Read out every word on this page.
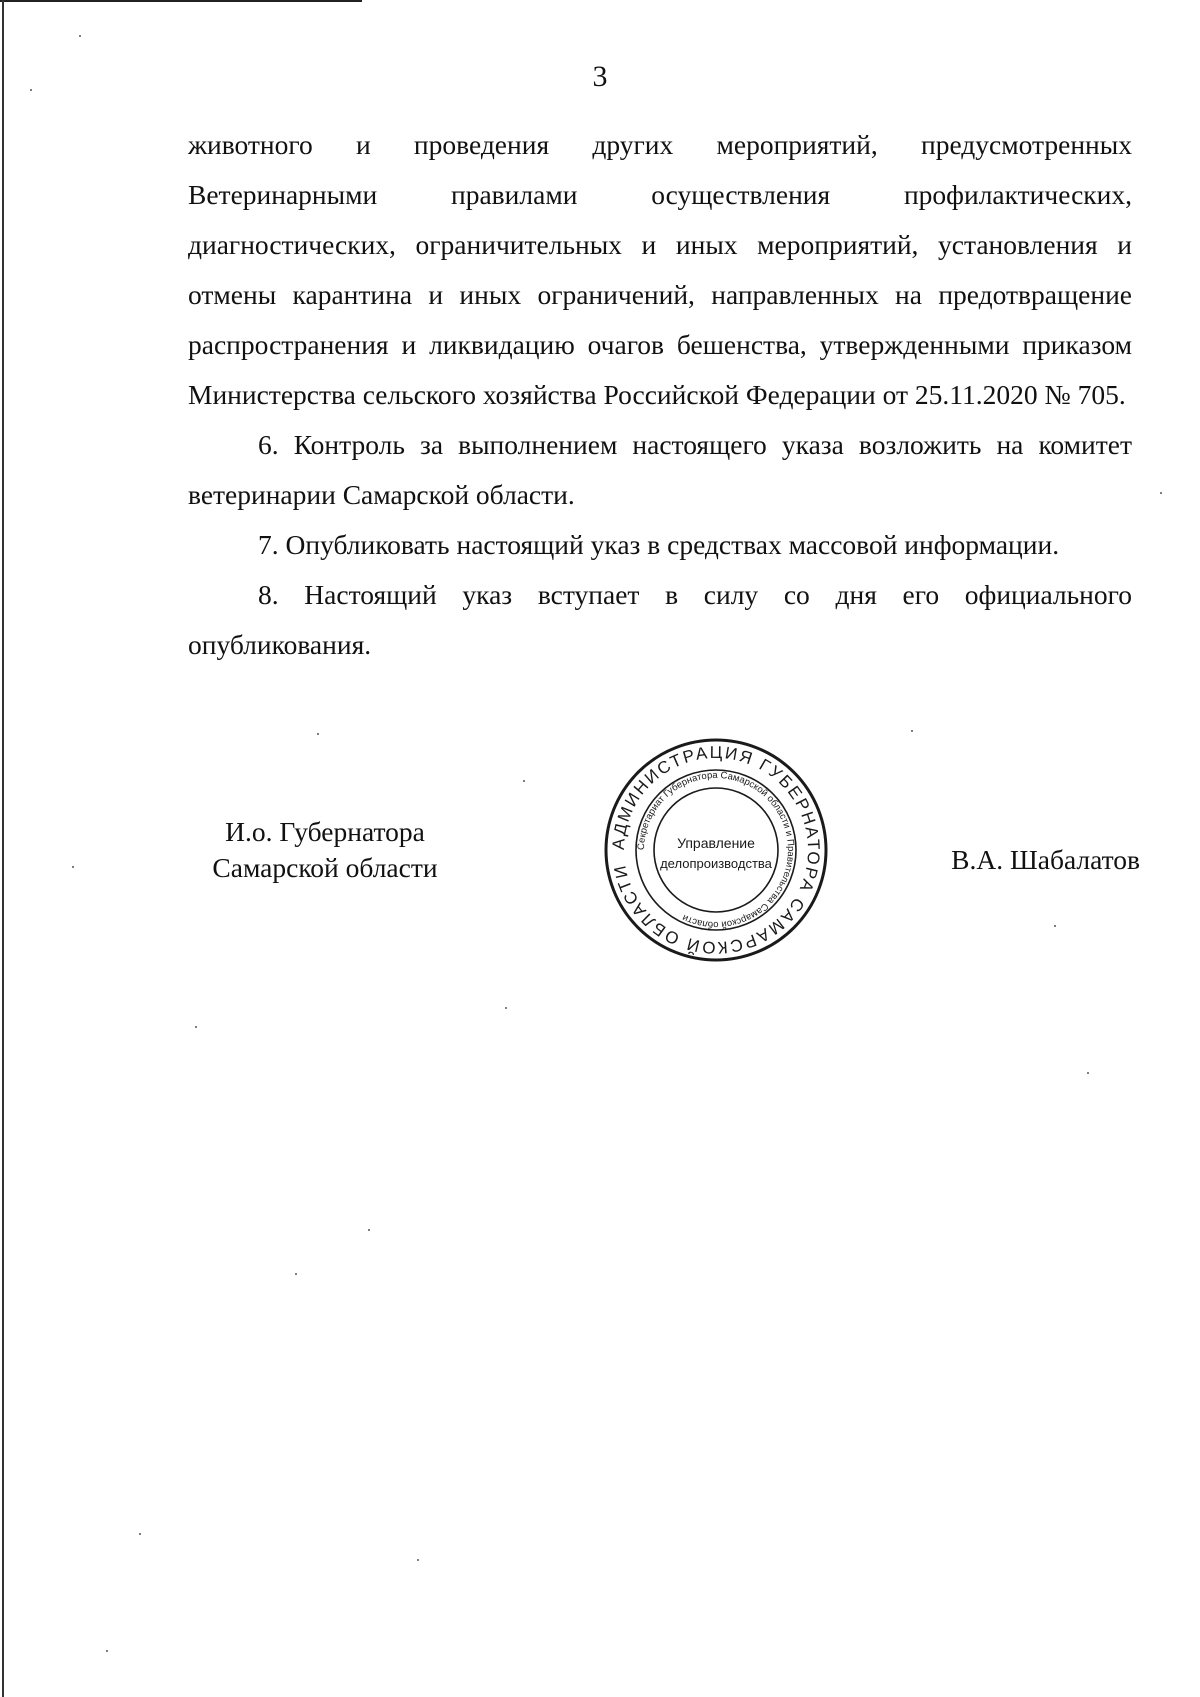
3

животного и проведения других мероприятий, предусмотренных Ветеринарными правилами осуществления профилактических, диагностических, ограничительных и иных мероприятий, установления и отмены карантина и иных ограничений, направленных на предотвращение распространения и ликвидацию очагов бешенства, утвержденными приказом Министерства сельского хозяйства Российской Федерации от 25.11.2020 № 705.

6. Контроль за выполнением настоящего указа возложить на комитет ветеринарии Самарской области.

7. Опубликовать настоящий указ в средствах массовой информации.

8. Настоящий указ вступает в силу со дня его официального опубликования.

И.о. Губернатора
Самарской области	В.А. Шабалатов
АДМИНИСТРАЦИЯ ГУБЕРНАТОРА САМАРСКОЙ ОБЛАСТИ
Секретариат Губернатора Самарской области и Правительства Самарской области
Управление
делопроизводства
